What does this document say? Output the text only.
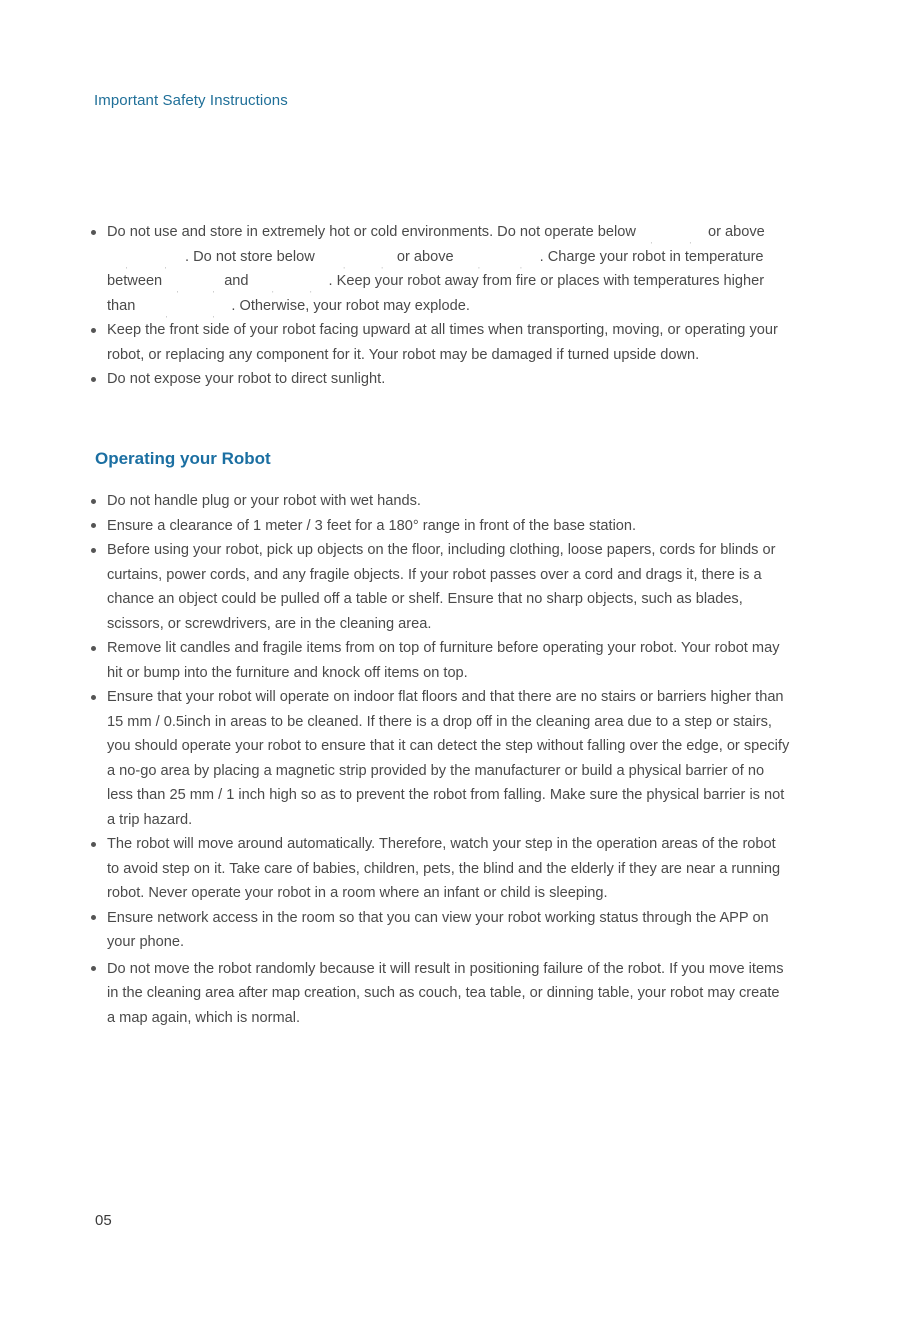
Important Safety Instructions
Do not use and store in extremely hot or cold environments. Do not operate below
ˈ	ˈ
or above
ˈ	ˈ
. Do not store below
ˈ	ˈ
or above
ˈ	ˈ
. Charge your robot in temperature between
ˈ	ˈ
and
ˈ	ˈ
. Keep your robot away from fire or places with temperatures higher than
ˈ	ˈ
. Otherwise, your robot may explode.
Keep the front side of your robot facing upward at all times when transporting, moving, or operating your robot, or replacing any component for it. Your robot may be damaged if turned upside down.
Do not expose your robot to direct sunlight.
Operating your Robot
Do not handle plug or your robot with wet hands.
Ensure a clearance of 1 meter / 3 feet for a 180° range in front of the base station.
Before using your robot, pick up objects on the floor, including clothing, loose papers, cords for blinds or curtains, power cords, and any fragile objects. If your robot passes over a cord and drags it, there is a chance an object could be pulled off a table or shelf. Ensure that no sharp objects, such as blades, scissors, or screwdrivers, are in the cleaning area.
Remove lit candles and fragile items from on top of furniture before operating your robot. Your robot may hit or bump into the furniture and knock off items on top.
Ensure that your robot will operate on indoor flat floors and that there are no stairs or barriers higher than 15 mm / 0.5inch in areas to be cleaned. If there is a drop off in the cleaning area due to a step or stairs, you should operate your robot to ensure that it can detect the step without falling over the edge, or specify a no-go area by placing a magnetic strip provided by the manufacturer or build a physical barrier of no less than 25 mm / 1 inch high so as to prevent the robot from falling. Make sure the physical barrier is not a trip hazard.
The robot will move around automatically. Therefore, watch your step in the operation areas of the robot to avoid step on it. Take care of babies, children, pets, the blind and the elderly if they are near a running robot. Never operate your robot in a room where an infant or child is sleeping.
Ensure network access in the room so that you can view your robot working status through the APP on your phone.
Do not move the robot randomly because it will result in positioning failure of the robot. If you move items in the cleaning area after map creation, such as couch, tea table, or dinning table, your robot may create a map again, which is normal.
05
